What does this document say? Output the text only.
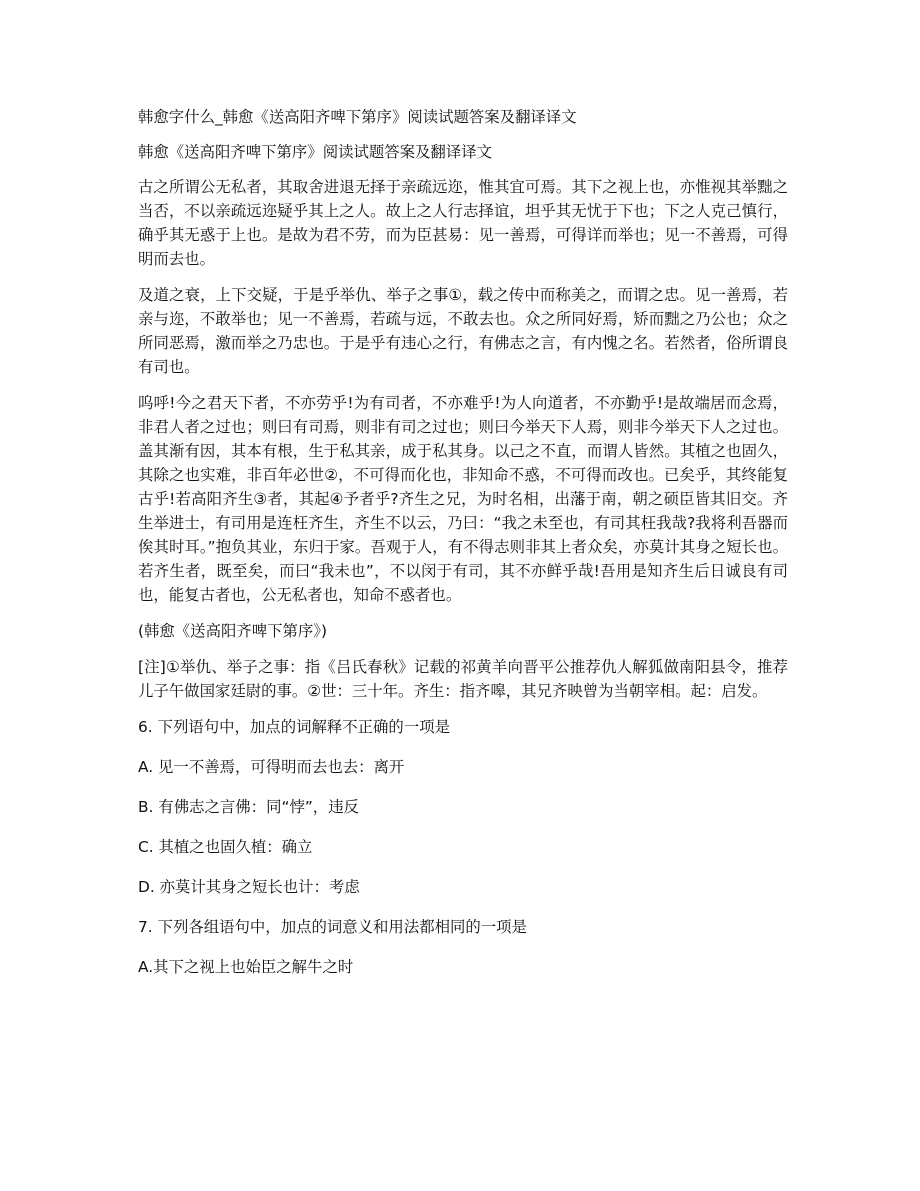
韩愈字什么_韩愈《送高阳齐啤下第序》阅读试题答案及翻译译文

韩愈《送高阳齐啤下第序》阅读试题答案及翻译译文

古之所谓公无私者，其取舍进退无择于亲疏远迩，惟其宜可焉。其下之视上也，亦惟视其举黜之当否，不以亲疏远迩疑乎其上之人。故上之人行志择谊，坦乎其无忧于下也；下之人克己慎行，确乎其无惑于上也。是故为君不劳，而为臣甚易：见一善焉，可得详而举也；见一不善焉，可得明而去也。

及道之衰，上下交疑，于是乎举仇、举子之事①，载之传中而称美之，而谓之忠。见一善焉，若亲与迩，不敢举也；见一不善焉，若疏与远，不敢去也。众之所同好焉，矫而黜之乃公也；众之所同恶焉，激而举之乃忠也。于是乎有违心之行，有佛志之言，有内愧之名。若然者，俗所谓良有司也。

呜呼!今之君天下者，不亦劳乎!为有司者，不亦难乎!为人向道者，不亦勤乎!是故端居而念焉，非君人者之过也；则曰有司焉，则非有司之过也；则曰今举天下人焉，则非今举天下人之过也。盖其渐有因，其本有根，生于私其亲，成于私其身。以己之不直，而谓人皆然。其植之也固久，其除之也实难，非百年必世②，不可得而化也，非知命不惑，不可得而改也。已矣乎，其终能复古乎!若高阳齐生③者，其起④予者乎?齐生之兄，为时名相，出藩于南，朝之硕臣皆其旧交。齐生举进士，有司用是连枉齐生，齐生不以云，乃曰：“我之未至也，有司其枉我哉?我将利吾器而俟其时耳。”抱负其业，东归于家。吾观于人，有不得志则非其上者众矣，亦莫计其身之短长也。若齐生者，既至矣，而曰“我未也”，不以闵于有司，其不亦鲜乎哉!吾用是知齐生后日诚良有司也，能复古者也，公无私者也，知命不惑者也。

(韩愈《送高阳齐啤下第序》)

[注]①举仇、举子之事：指《吕氏春秋》记载的祁黄羊向晋平公推荐仇人解狐做南阳县令，推荐儿子午做国家廷尉的事。②世：三十年。齐生：指齐嗥，其兄齐映曾为当朝宰相。起：启发。

6. 下列语句中，加点的词解释不正确的一项是

A. 见一不善焉，可得明而去也去：离开

B. 有佛志之言佛：同“悖”，违反

C. 其植之也固久植：确立

D. 亦莫计其身之短长也计：考虑

7. 下列各组语句中，加点的词意义和用法都相同的一项是

A.其下之视上也始臣之解牛之时
